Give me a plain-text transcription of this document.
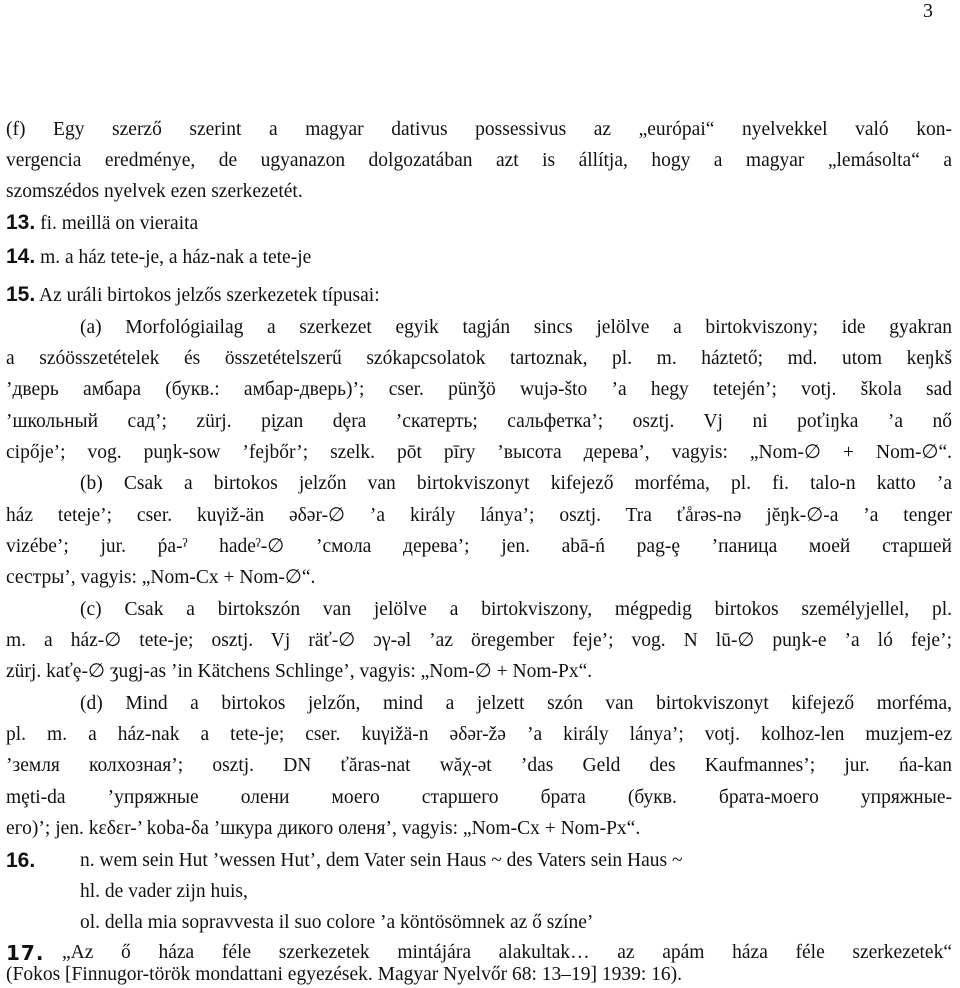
3
(f) Egy szerző szerint a magyar dativus possessivus az „európai“ nyelvekkel való kon-
vergencia eredménye, de ugyanazon dolgozatában azt is állítja, hogy a magyar „lemásolta“ a
szomszédos nyelvek ezen szerkezetét.
13. fi. meillä on vieraita
14. m. a ház tete-je, a ház-nak a tete-je
15. Az uráli birtokos jelzős szerkezetek típusai:
(a) Morfológiailag a szerkezet egyik tagján sincs jelölve a birtokviszony; ide gyakran
a szóösszetételek és összetételszerű szókapcsolatok tartoznak, pl. m. háztető; md. utom keŋkš
’дверь амбара (букв.: амбар-дверь)’; cser. pünǯö wujə-što ’a hegy tetején’; votj. škola sad
’школьный сад’; zürj. pi̮zan dȩra ’скатерть; сальфетка’; osztj. Vj ni poťiŋka ’a nő
cipője’; vog. puŋk-sow ’fejbőr’; szelk. pōt pīry ’высота дерева’, vagyis: „Nom-∅ + Nom-∅“.
(b) Csak a birtokos jelzőn van birtokviszonyt kifejező morféma, pl. fi. talo-n katto ’a
ház teteje’; cser. kuγiž-än əδər-∅ ’a király lánya’; osztj. Tra ťårəs-nə jĕŋk-∅-a ’a tenger
vizébe’; jur. ṕa-ˀ hadeˀ-∅ ’смола дерева’; jen. abā-ń pag-ȩ ’паница моей старшей
сестры’, vagyis: „Nom-Cx + Nom-∅“.
(c) Csak a birtokszón van jelölve a birtokviszony, mégpedig birtokos személyjellel, pl.
m. a ház-∅ tete-je; osztj. Vj räť-∅ ɔγ-əl ’az öregember feje’; vog. N lū-∅ puŋk-e ’a ló feje’;
zürj. kaťȩ-∅ ʒugj-as ’in Kätchens Schlinge’, vagyis: „Nom-∅ + Nom-Px“.
(d) Mind a birtokos jelzőn, mind a jelzett szón van birtokviszonyt kifejező morféma,
pl. m. a ház-nak a tete-je; cser. kuγižä-n əδər-žə ’a király lánya’; votj. kolhoz-len muzjem-ez
’земля колхозная’; osztj. DN ťăras-nat wăχ-ət ’das Geld des Kaufmannes’; jur. ńa-kan
mȩti-da ’упряжные олени моего старшего брата (букв. брата-моего упряжные-
его)’; jen. kεδεr-’ koba-δa ’шкура дикого оленя’, vagyis: „Nom-Cx + Nom-Px“.
16. n. wem sein Hut ’wessen Hut’, dem Vater sein Haus ~ des Vaters sein Haus ~
hl. de vader zijn huis,
ol. della mia sopravvesta il suo colore ’a köntösömnek az ő színe’
17. „Az ő háza féle szerkezetek mintájára alakultak… az apám háza féle szerkezetek“
(Fokos [Finnugor-török mondattani egyezések. Magyar Nyelvőr 68: 13–19] 1939: 16).
